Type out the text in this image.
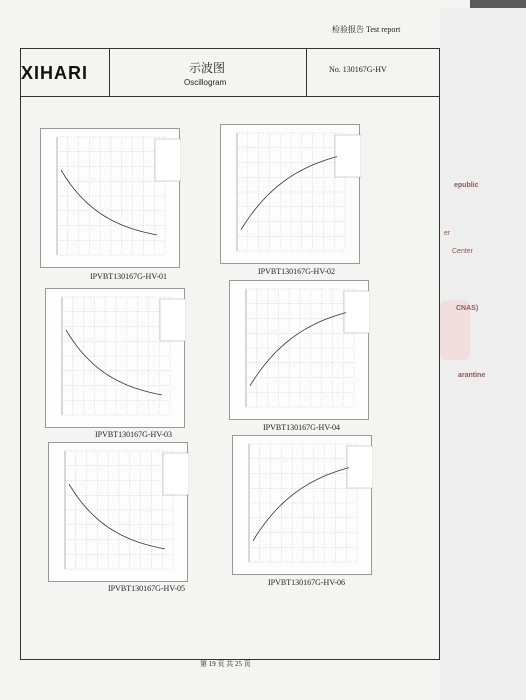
epublic
er
Center
CNAS)
arantine
检验报告 Test report
XIHARI	示波图
Oscillogram
No. 130167G-HV
IPVBT130167G-HV-01
IPVBT130167G-HV-02
IPVBT130167G-HV-03
IPVBT130167G-HV-04
IPVBT130167G-HV-05
IPVBT130167G-HV-06
第 19 页 共 25 页
